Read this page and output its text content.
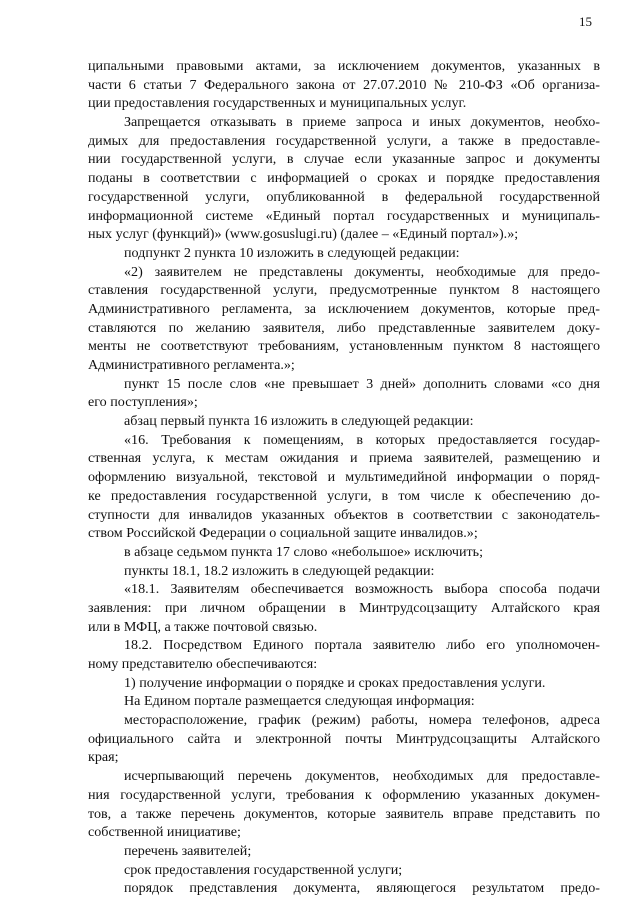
15
ципальными правовыми актами, за исключением документов, указанных в
части 6 статьи 7 Федерального закона от 27.07.2010 № 210-ФЗ «Об организа-
ции предоставления государственных и муниципальных услуг.
Запрещается отказывать в приеме запроса и иных документов, необхо-
димых для предоставления государственной услуги, а также в предоставле-
нии государственной услуги, в случае если указанные запрос и документы
поданы в соответствии с информацией о сроках и порядке предоставления
государственной услуги, опубликованной в федеральной государственной
информационной системе «Единый портал государственных и муниципаль-
ных услуг (функций)» (www.gosuslugi.ru) (далее – «Единый портал»).»;
подпункт 2 пункта 10 изложить в следующей редакции:
«2) заявителем не представлены документы, необходимые для предо-
ставления государственной услуги, предусмотренные пунктом 8 настоящего
Административного регламента, за исключением документов, которые пред-
ставляются по желанию заявителя, либо представленные заявителем доку-
менты не соответствуют требованиям, установленным пунктом 8 настоящего
Административного регламента.»;
пункт 15 после слов «не превышает 3 дней» дополнить словами «со дня
его поступления»;
абзац первый пункта 16 изложить в следующей редакции:
«16. Требования к помещениям, в которых предоставляется государ-
ственная услуга, к местам ожидания и приема заявителей, размещению и
оформлению визуальной, текстовой и мультимедийной информации о поряд-
ке предоставления государственной услуги, в том числе к обеспечению до-
ступности для инвалидов указанных объектов в соответствии с законодатель-
ством Российской Федерации о социальной защите инвалидов.»;
в абзаце седьмом пункта 17 слово «небольшое» исключить;
пункты 18.1, 18.2 изложить в следующей редакции:
«18.1. Заявителям обеспечивается возможность выбора способа подачи
заявления: при личном обращении в Минтрудсоцзащиту Алтайского края
или в МФЦ, а также почтовой связью.
18.2. Посредством Единого портала заявителю либо его уполномочен-
ному представителю обеспечиваются:
1) получение информации о порядке и сроках предоставления услуги.
На Едином портале размещается следующая информация:
месторасположение, график (режим) работы, номера телефонов, адреса
официального сайта и электронной почты Минтрудсоцзащиты Алтайского
края;
исчерпывающий перечень документов, необходимых для предоставле-
ния государственной услуги, требования к оформлению указанных докумен-
тов, а также перечень документов, которые заявитель вправе представить по
собственной инициативе;
перечень заявителей;
срок предоставления государственной услуги;
порядок представления документа, являющегося результатом предо-
